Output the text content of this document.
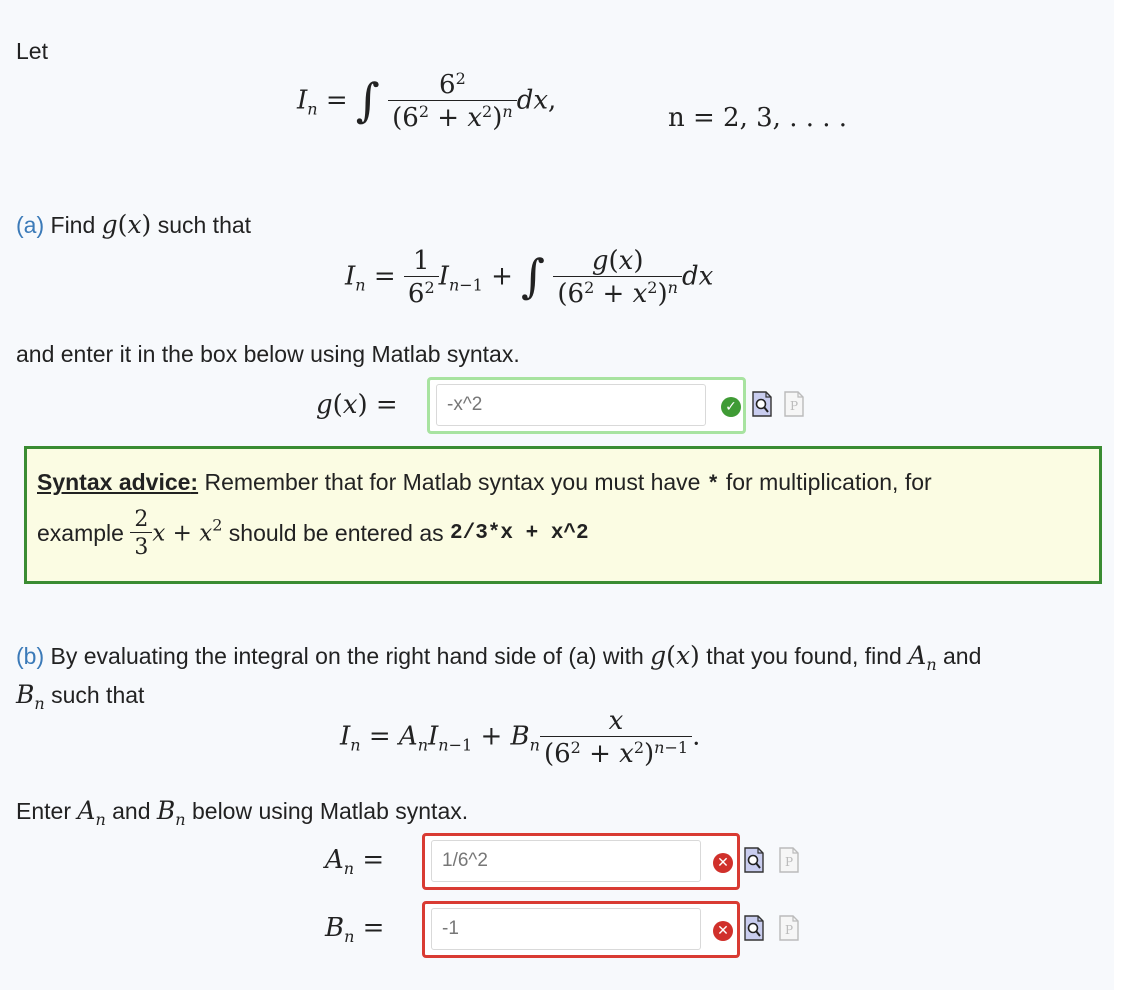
Let
$I_n$ = ∫ $\frac{6^2}{(6^2 + x^2)^n}$ dx,
n = 2, 3, . . . .
(a) Find g(x) such that
$I_n = \frac{1}{6^2} I_{n-1}$ + ∫ $\frac{g(x)}{(6^2 + x^2)^n}$ dx
and enter it in the box below using Matlab syntax.
g(x) =
-x^2	✓	P
Syntax advice: Remember that for Matlab syntax you must have * for multiplication, for
example $\frac{2}{3}$ $x + x^2$ should be entered as 2/3*x + x^2
(b) By evaluating the integral on the right hand side of (a) with g(x) that you found, find $A_n$ and
$B_n$ such that
$I_n = A_nI_{n-1} + B_n \frac{x}{(6^2 + x^2)^{n-1}}$ .
Enter $A_n$ and $B_n$ below using Matlab syntax.
$A_n$ =
1/6^2	✕	P
$B_n$ =
-1	✕	P
